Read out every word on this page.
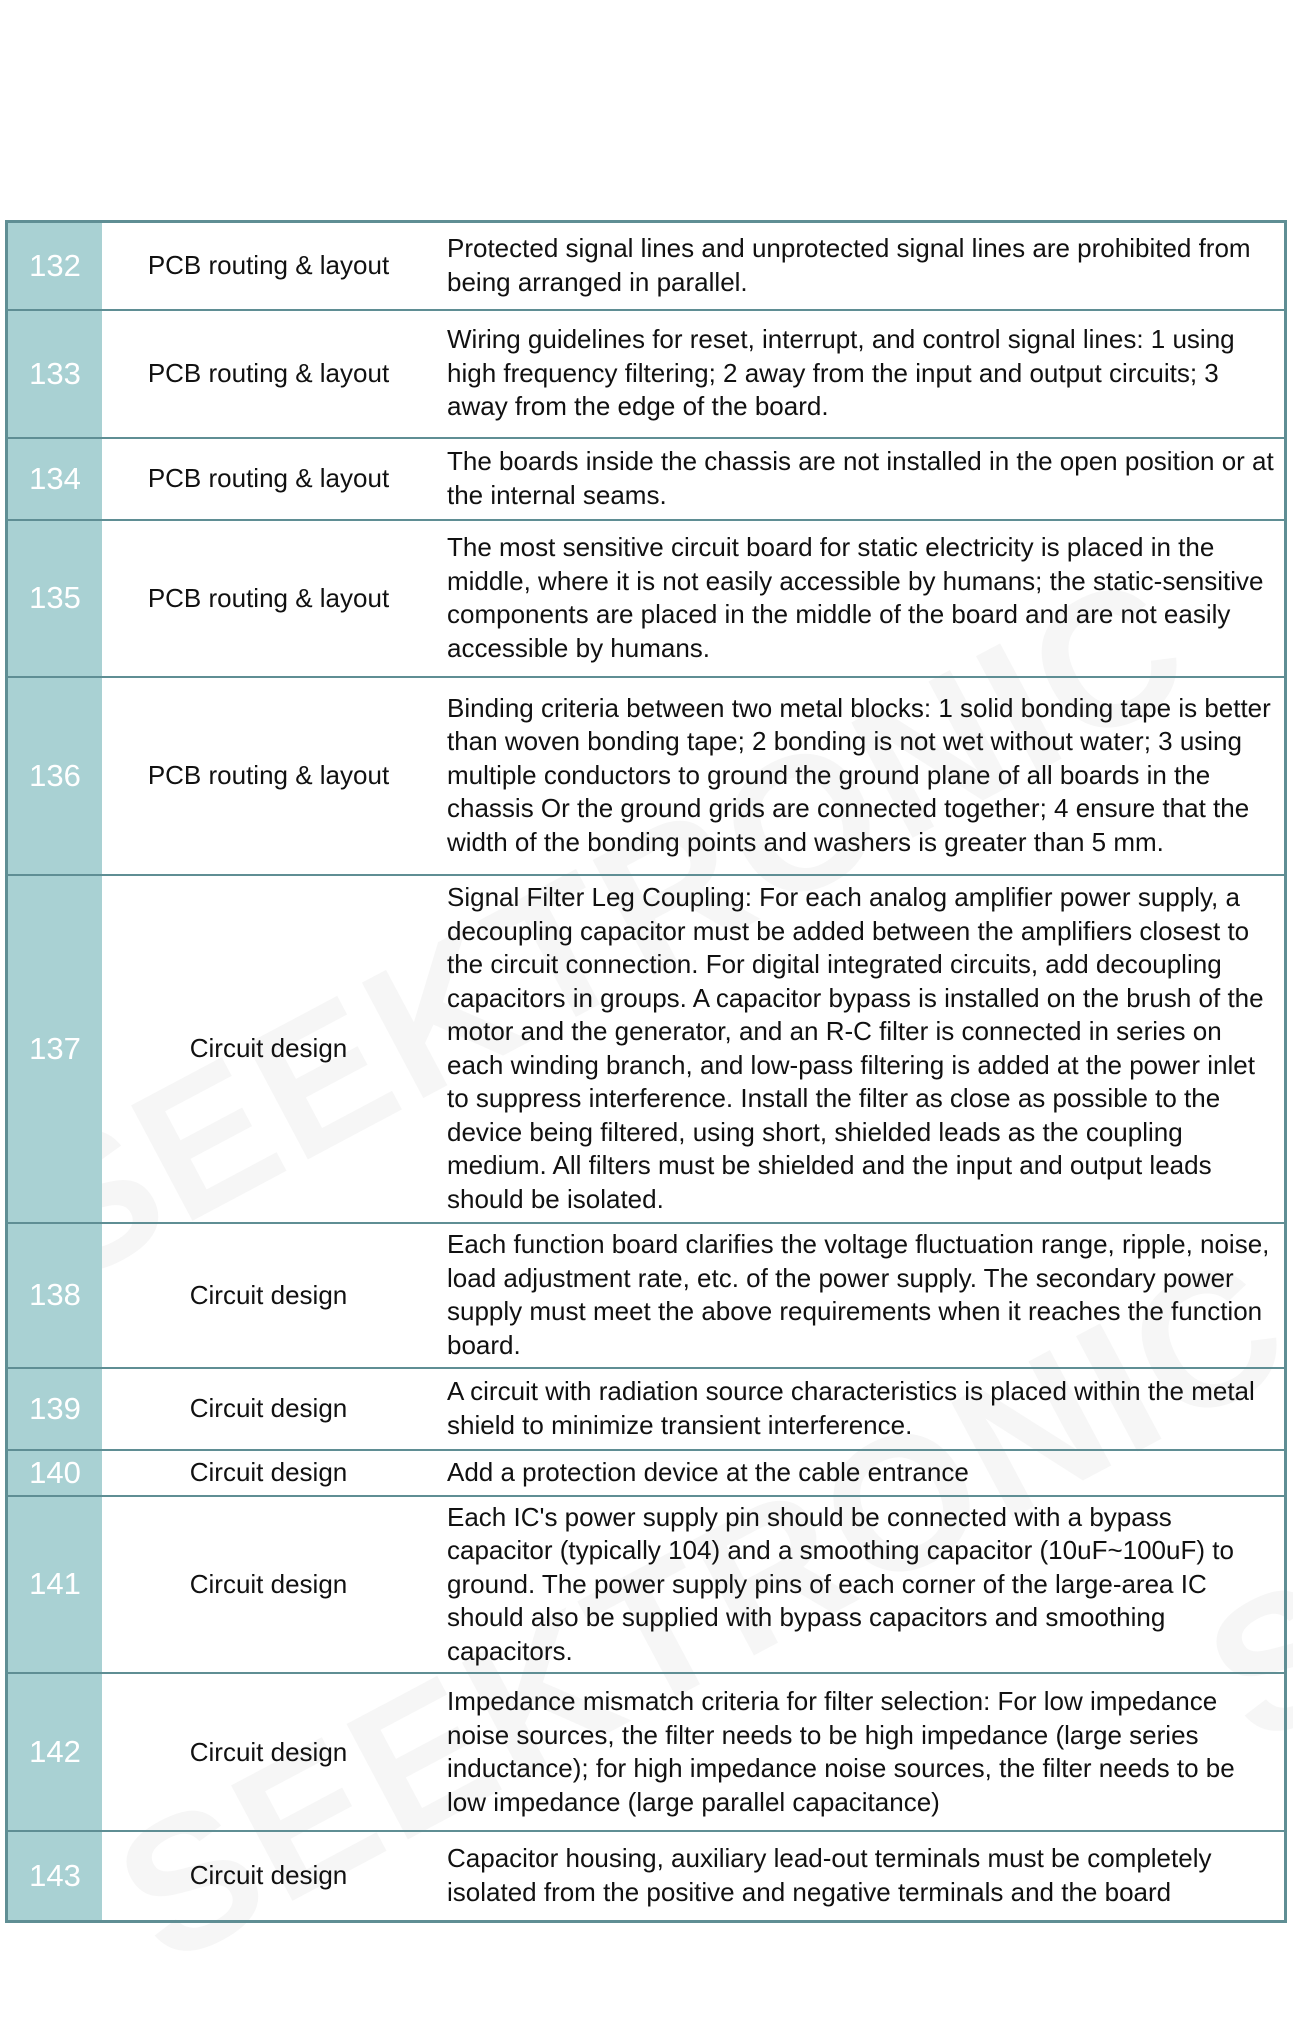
132	PCB routing & layout	Protected signal lines and unprotected signal lines are prohibited from being arranged in parallel.
133	PCB routing & layout	Wiring guidelines for reset, interrupt, and control signal lines: 1 using high frequency filtering; 2 away from the input and output circuits; 3 away from the edge of the board.
134	PCB routing & layout	The boards inside the chassis are not installed in the open position or at the internal seams.
135	PCB routing & layout	The most sensitive circuit board for static electricity is placed in the middle, where it is not easily accessible by humans; the static-sensitive components are placed in the middle of the board and are not easily accessible by humans.
136	PCB routing & layout	Binding criteria between two metal blocks: 1 solid bonding tape is better than woven bonding tape; 2 bonding is not wet without water; 3 using multiple conductors to ground the ground plane of all boards in the chassis Or the ground grids are connected together; 4 ensure that the width of the bonding points and washers is greater than 5 mm.
137	Circuit design	Signal Filter Leg Coupling: For each analog amplifier power supply, a decoupling capacitor must be added between the amplifiers closest to the circuit connection. For digital integrated circuits, add decoupling capacitors in groups. A capacitor bypass is installed on the brush of the motor and the generator, and an R-C filter is connected in series on each winding branch, and low-pass filtering is added at the power inlet to suppress interference. Install the filter as close as possible to the device being filtered, using short, shielded leads as the coupling medium. All filters must be shielded and the input and output leads should be isolated.
138	Circuit design	Each function board clarifies the voltage fluctuation range, ripple, noise, load adjustment rate, etc. of the power supply. The secondary power supply must meet the above requirements when it reaches the function board.
139	Circuit design	A circuit with radiation source characteristics is placed within the metal shield to minimize transient interference.
140	Circuit design	Add a protection device at the cable entrance
141	Circuit design	Each IC's power supply pin should be connected with a bypass capacitor (typically 104) and a smoothing capacitor (10uF~100uF) to ground. The power supply pins of each corner of the large-area IC should also be supplied with bypass capacitors and smoothing capacitors.
142	Circuit design	Impedance mismatch criteria for filter selection: For low impedance noise sources, the filter needs to be high impedance (large series inductance); for high impedance noise sources, the filter needs to be low impedance (large parallel capacitance)
143	Circuit design	Capacitor housing, auxiliary lead-out terminals must be completely isolated from the positive and negative terminals and the board
